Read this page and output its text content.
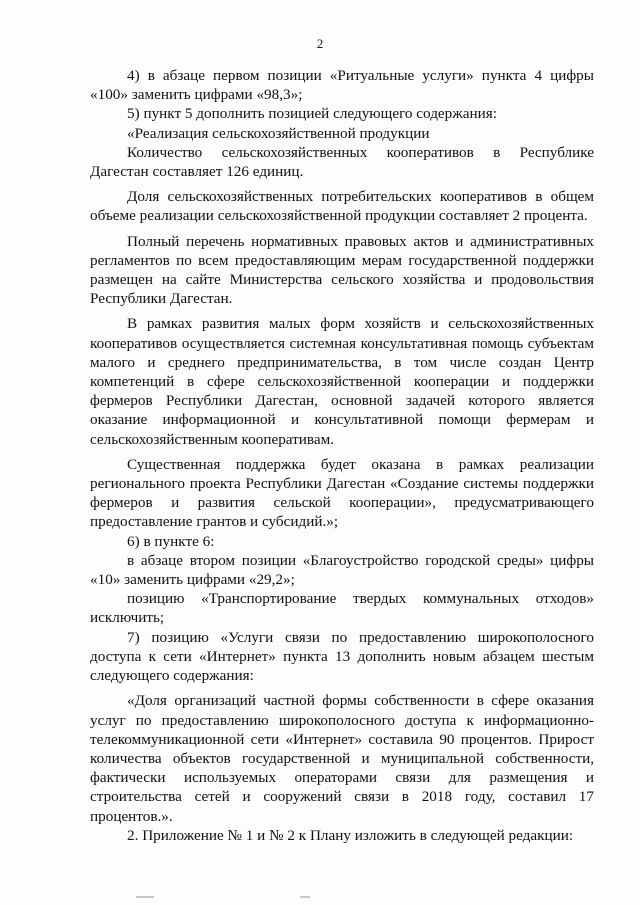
2

4) в абзаце первом позиции «Ритуальные услуги» пункта 4 цифры «100» заменить цифрами «98,3»;

5) пункт 5 дополнить позицией следующего содержания:

«Реализация сельскохозяйственной продукции

Количество сельскохозяйственных кооперативов в Республике Дагестан составляет 126 единиц.

Доля сельскохозяйственных потребительских кооперативов в общем объеме реализации сельскохозяйственной продукции составляет 2 процента.

Полный перечень нормативных правовых актов и административных регламентов по всем предоставляющим мерам государственной поддержки размещен на сайте Министерства сельского хозяйства и продовольствия Республики Дагестан.

В рамках развития малых форм хозяйств и сельскохозяйственных кооперативов осуществляется системная консультативная помощь субъектам малого и среднего предпринимательства, в том числе создан Центр компетенций в сфере сельскохозяйственной кооперации и поддержки фермеров Республики Дагестан, основной задачей которого является оказание информационной и консультативной помощи фермерам и сельскохозяйственным кооперативам.

Существенная поддержка будет оказана в рамках реализации регионального проекта Республики Дагестан «Создание системы поддержки фермеров и развития сельской кооперации», предусматривающего предоставление грантов и субсидий.»;

6) в пункте 6:

в абзаце втором позиции «Благоустройство городской среды» цифры «10» заменить цифрами «29,2»;

позицию «Транспортирование твердых коммунальных отходов» исключить;

7) позицию «Услуги связи по предоставлению широкополосного доступа к сети «Интернет» пункта 13 дополнить новым абзацем шестым следующего содержания:

«Доля организаций частной формы собственности в сфере оказания услуг по предоставлению широкополосного доступа к информационно-телекоммуникационной сети «Интернет» составила 90 процентов. Прирост количества объектов государственной и муниципальной собственности, фактически используемых операторами связи для размещения и строительства сетей и сооружений связи в 2018 году, составил 17 процентов.».

2. Приложение № 1 и № 2 к Плану изложить в следующей редакции:
